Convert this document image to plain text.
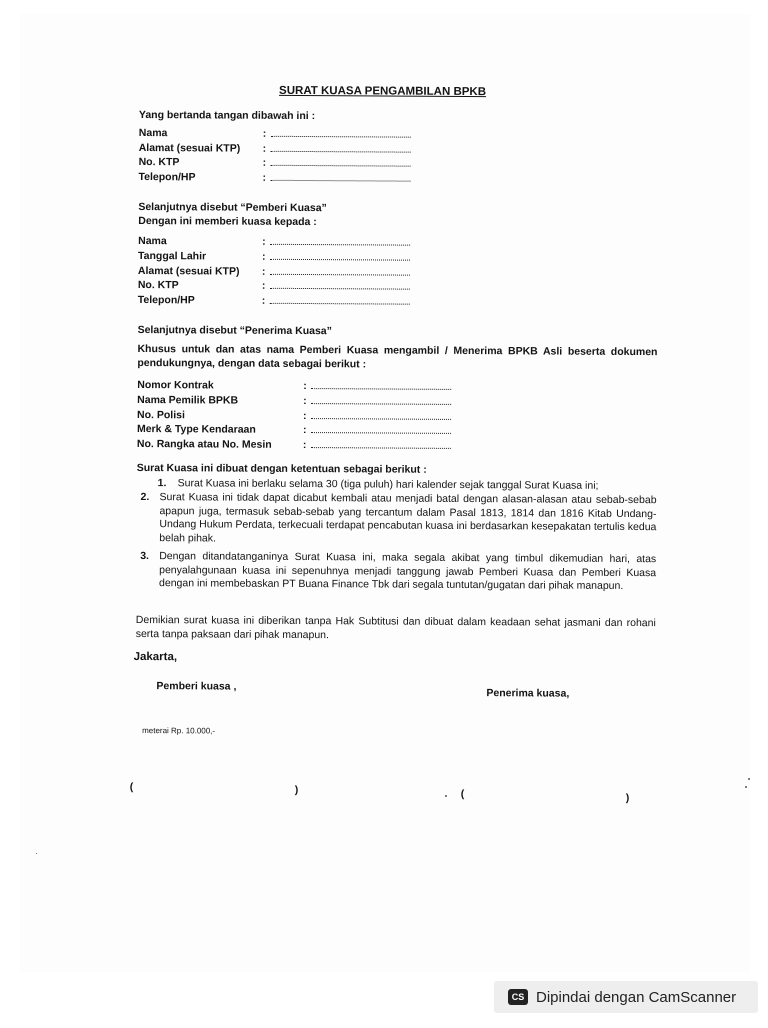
SURAT KUASA PENGAMBILAN BPKB
Yang bertanda tangan dibawah ini :
Nama	:
Alamat (sesuai KTP) :
No. KTP	:
Telepon/HP	:
Selanjutnya disebut “Pemberi Kuasa”
Dengan ini memberi kuasa kepada :
Nama	:
Tanggal Lahir	:
Alamat (sesuai KTP) :
No. KTP	:
Telepon/HP	:
Selanjutnya disebut “Penerima Kuasa”
Khusus untuk dan atas nama Pemberi Kuasa mengambil / Menerima BPKB Asli beserta dokumen pendukungnya, dengan data sebagai berikut :
Nomor Kontrak	:
Nama Pemilik BPKB	:
No. Polisi	:
Merk & Type Kendaraan	:
No. Rangka atau No. Mesin	:
Surat Kuasa ini dibuat dengan ketentuan sebagai berikut :
1. Surat Kuasa ini berlaku selama 30 (tiga puluh) hari kalender sejak tanggal Surat Kuasa ini;
2. Surat Kuasa ini tidak dapat dicabut kembali atau menjadi batal dengan alasan-alasan atau sebab-sebab apapun juga, termasuk sebab-sebab yang tercantum dalam Pasal 1813, 1814 dan 1816 Kitab Undang-Undang Hukum Perdata, terkecuali terdapat pencabutan kuasa ini berdasarkan kesepakatan tertulis kedua belah pihak.
3. Dengan ditandatanganinya Surat Kuasa ini, maka segala akibat yang timbul dikemudian hari, atas penyalahgunaan kuasa ini sepenuhnya menjadi tanggung jawab Pemberi Kuasa dan Pemberi Kuasa dengan ini membebaskan PT Buana Finance Tbk dari segala tuntutan/gugatan dari pihak manapun.
Demikian surat kuasa ini diberikan tanpa Hak Subtitusi dan dibuat dalam keadaan sehat jasmani dan rohani serta tanpa paksaan dari pihak manapun.
Jakarta,
Pemberi kuasa ,
Penerima kuasa,
meterai Rp. 10.000,-
(	)	(	)
CS Dipindai dengan CamScanner
